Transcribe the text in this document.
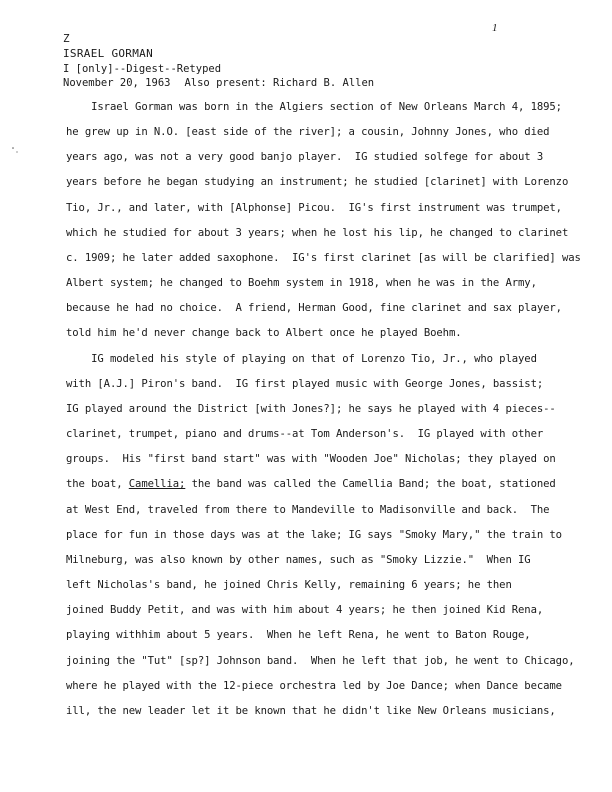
1
Z
ISRAEL GORMAN
I [only]--Digest--Retyped
November 20, 1963 Also present: Richard B. Allen
Israel Gorman was born in the Algiers section of New Orleans March 4, 1895;
he grew up in N.O. [east side of the river]; a cousin, Johnny Jones, who died
years ago, was not a very good banjo player.  IG studied solfege for about 3
years before he began studying an instrument; he studied [clarinet] with Lorenzo
Tio, Jr., and later, with [Alphonse] Picou.  IG's first instrument was trumpet,
which he studied for about 3 years; when he lost his lip, he changed to clarinet
c. 1909; he later added saxophone.  IG's first clarinet [as will be clarified] was
Albert system; he changed to Boehm system in 1918, when he was in the Army,
because he had no choice.  A friend, Herman Good, fine clarinet and sax player,
told him he'd never change back to Albert once he played Boehm.
IG modeled his style of playing on that of Lorenzo Tio, Jr., who played
with [A.J.] Piron's band.  IG first played music with George Jones, bassist;
IG played around the District [with Jones?]; he says he played with 4 pieces--
clarinet, trumpet, piano and drums--at Tom Anderson's.  IG played with other
groups.  His "first band start" was with "Wooden Joe" Nicholas; they played on
the boat, Camellia; the band was called the Camellia Band; the boat, stationed
at West End, traveled from there to Mandeville to Madisonville and back.  The
place for fun in those days was at the lake; IG says "Smoky Mary," the train to
Milneburg, was also known by other names, such as "Smoky Lizzie."  When IG
left Nicholas's band, he joined Chris Kelly, remaining 6 years; he then
joined Buddy Petit, and was with him about 4 years; he then joined Kid Rena,
playing withhim about 5 years.  When he left Rena, he went to Baton Rouge,
joining the "Tut" [sp?] Johnson band.  When he left that job, he went to Chicago,
where he played with the 12-piece orchestra led by Joe Dance; when Dance became
ill, the new leader let it be known that he didn't like New Orleans musicians,
